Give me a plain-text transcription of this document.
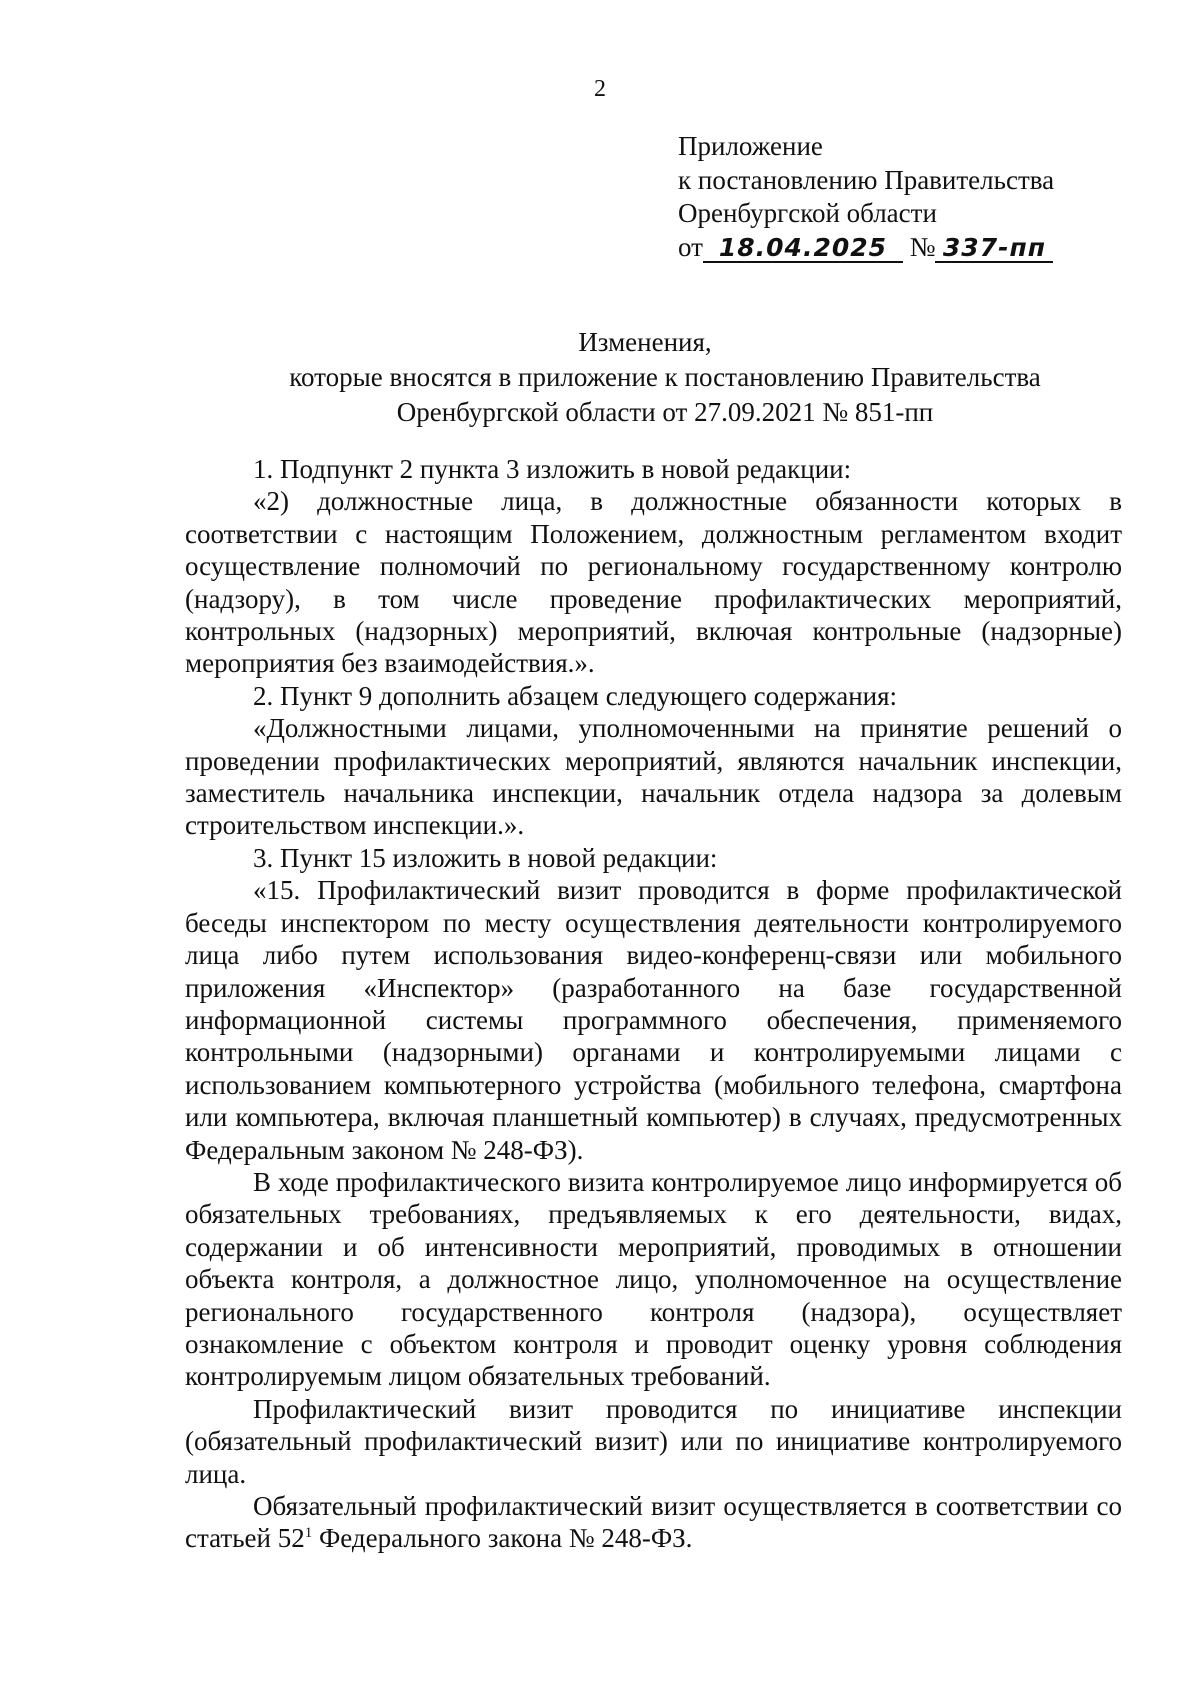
2
Приложение
к постановлению Правительства
Оренбургской области
от 18.04.2025 № 337-пп
Изменения,
которые вносятся в приложение к постановлению Правительства
Оренбургской области от 27.09.2021 № 851-пп

1. Подпункт 2 пункта 3 изложить в новой редакции:

«2) должностные лица, в должностные обязанности которых в соответствии с настоящим Положением, должностным регламентом входит осуществление полномочий по региональному государственному контролю (надзору), в том числе проведение профилактических мероприятий, контрольных (надзорных) мероприятий, включая контрольные (надзорные) мероприятия без взаимодействия.».

2. Пункт 9 дополнить абзацем следующего содержания:

«Должностными лицами, уполномоченными на принятие решений о проведении профилактических мероприятий, являются начальник инспекции, заместитель начальника инспекции, начальник отдела надзора за долевым строительством инспекции.».

3. Пункт 15 изложить в новой редакции:

«15. Профилактический визит проводится в форме профилактической беседы инспектором по месту осуществления деятельности контролируемого лица либо путем использования видео-конференц-связи или мобильного приложения «Инспектор» (разработанного на базе государственной информационной системы программного обеспечения, применяемого контрольными (надзорными) органами и контролируемыми лицами с использованием компьютерного устройства (мобильного телефона, смартфона или компьютера, включая планшетный компьютер) в случаях, предусмотренных Федеральным законом № 248-ФЗ).

В ходе профилактического визита контролируемое лицо информируется об обязательных требованиях, предъявляемых к его деятельности, видах, содержании и об интенсивности мероприятий, проводимых в отношении объекта контроля, а должностное лицо, уполномоченное на осуществление регионального государственного контроля (надзора), осуществляет ознакомление с объектом контроля и проводит оценку уровня соблюдения контролируемым лицом обязательных требований.

Профилактический визит проводится по инициативе инспекции (обязательный профилактический визит) или по инициативе контролируемого лица.

Обязательный профилактический визит осуществляется в соответствии со статьей $52^1$ Федерального закона № 248-ФЗ.
